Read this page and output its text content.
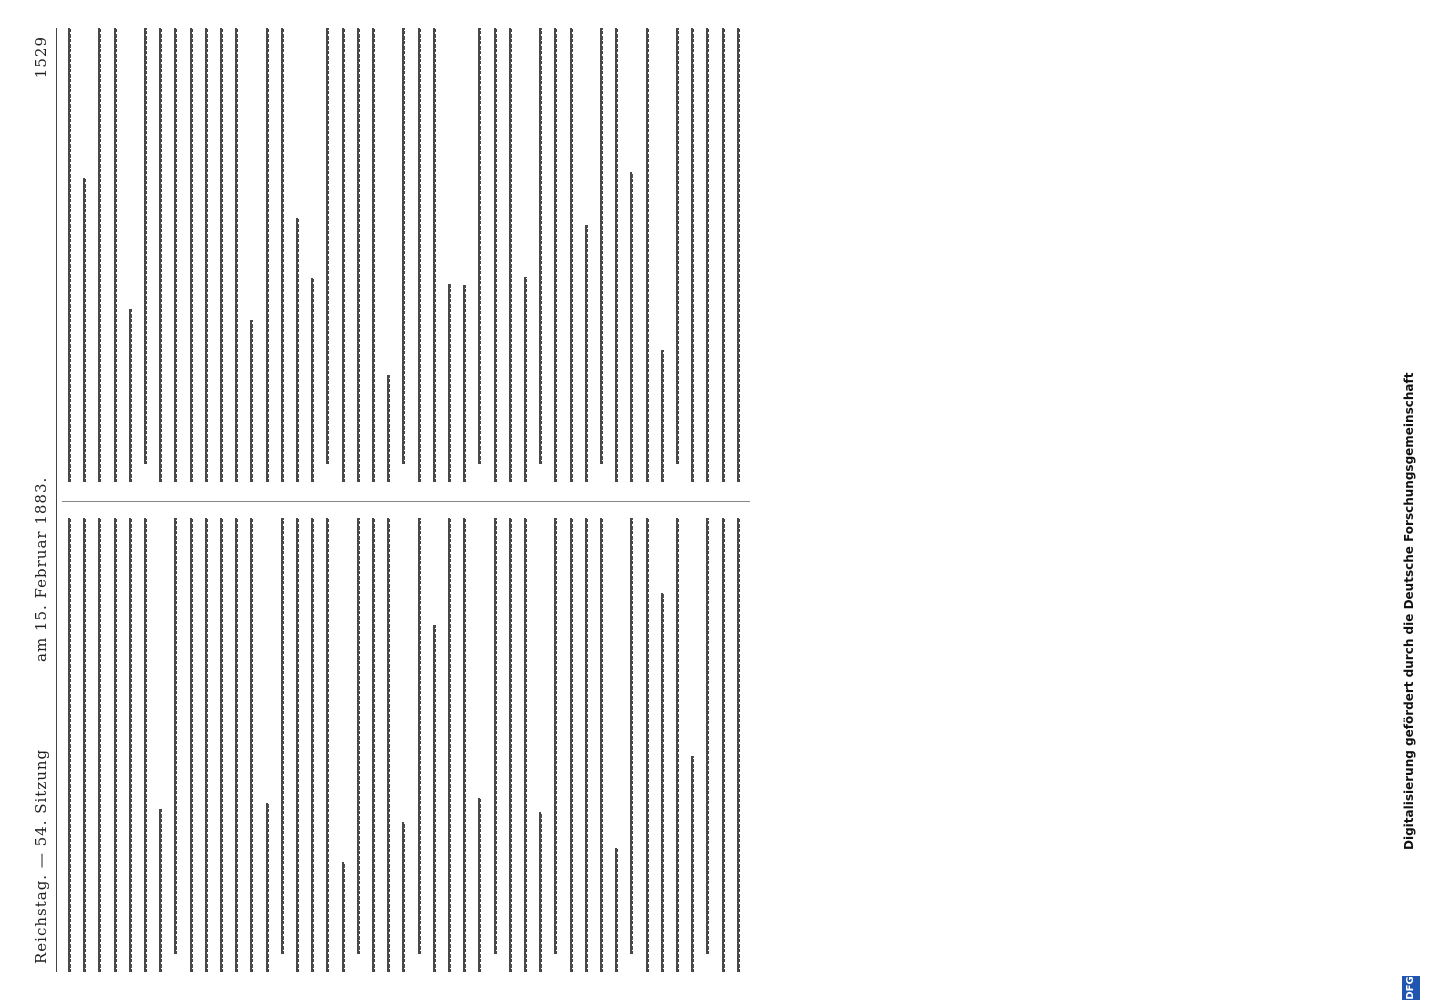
Reichstag. — 54. Sitzung
am 15. Februar 1883.
1529
DFG
Digitalisierung gefördert durch die Deutsche Forschungsgemeinschaft
